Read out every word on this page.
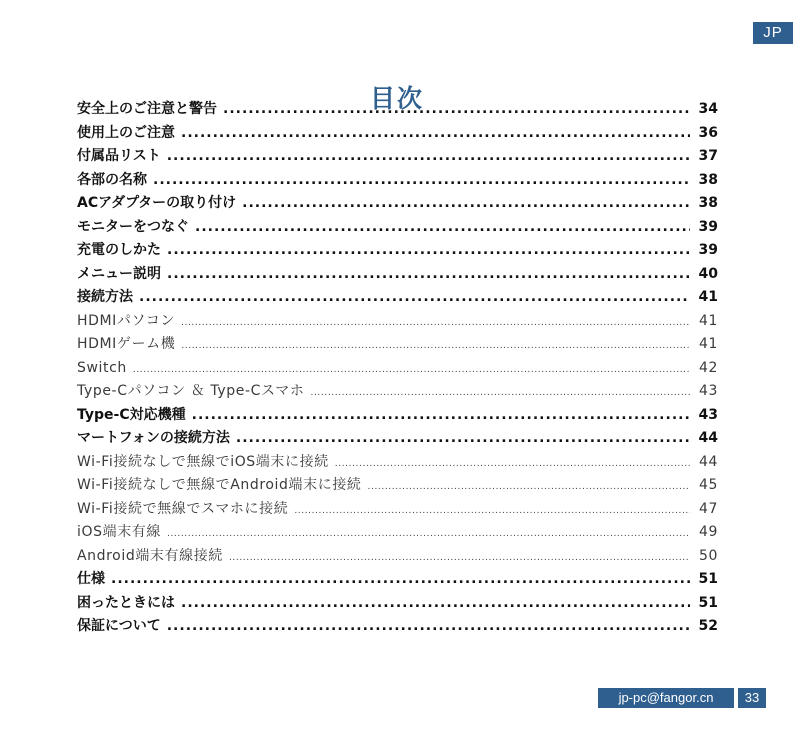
JP
目次
安全上のご注意と警告 .....	34
使用上のご注意 .....	36
付属品リスト .....	37
各部の名称 .....	38
ACアダプターの取り付け .....	38
モニターをつなぐ .....	39
充電のしかた .....	39
メニュー説明 .....	40
接続方法 .....	41
HDMIパソコン .....	41
HDMIゲーム機 .....	41
Switch .....	42
Type-Cパソコン ＆ Type-Cスマホ .....	43
Type-C対応機種 .....	43
マートフォンの接続方法 .....	44
Wi-Fi接続なしで無線でiOS端末に接続 .....	44
Wi-Fi接続なしで無線でAndroid端末に接続 .....	45
Wi-Fi接続で無線でスマホに接続 .....	47
iOS端末有線 .....	49
Android端末有線接続 .....	50
仕様 .....	51
困ったときには .....	51
保証について .....	52
jp-pc@fangor.cn	33
